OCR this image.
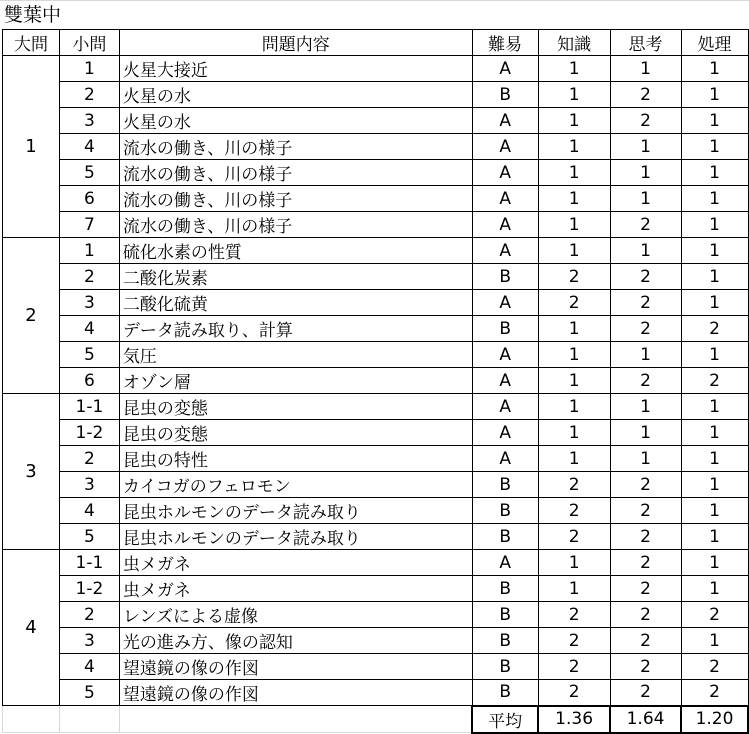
雙葉中
大問	小問	問題内容	難易	知識	思考	処理
1	1	火星大接近	A	1	1	1
	2	火星の水	B	1	2	1
	3	火星の水	A	1	2	1
	4	流水の働き、川の様子	A	1	1	1
	5	流水の働き、川の様子	A	1	1	1
	6	流水の働き、川の様子	A	1	1	1
	7	流水の働き、川の様子	A	1	2	1
2	1	硫化水素の性質	A	1	1	1
	2	二酸化炭素	B	2	2	1
	3	二酸化硫黄	A	2	2	1
	4	データ読み取り、計算	B	1	2	2
	5	気圧	A	1	1	1
	6	オゾン層	A	1	2	2
3	1-1	昆虫の変態	A	1	1	1
	1-2	昆虫の変態	A	1	1	1
	2	昆虫の特性	A	1	1	1
	3	カイコガのフェロモン	B	2	2	1
	4	昆虫ホルモンのデータ読み取り	B	2	2	1
	5	昆虫ホルモンのデータ読み取り	B	2	2	1
4	1-1	虫メガネ	A	1	2	1
	1-2	虫メガネ	B	1	2	1
	2	レンズによる虚像	B	2	2	2
	3	光の進み方、像の認知	B	2	2	1
	4	望遠鏡の像の作図	B	2	2	2
	5	望遠鏡の像の作図	B	2	2	2
			平均	1.36	1.64	1.20
